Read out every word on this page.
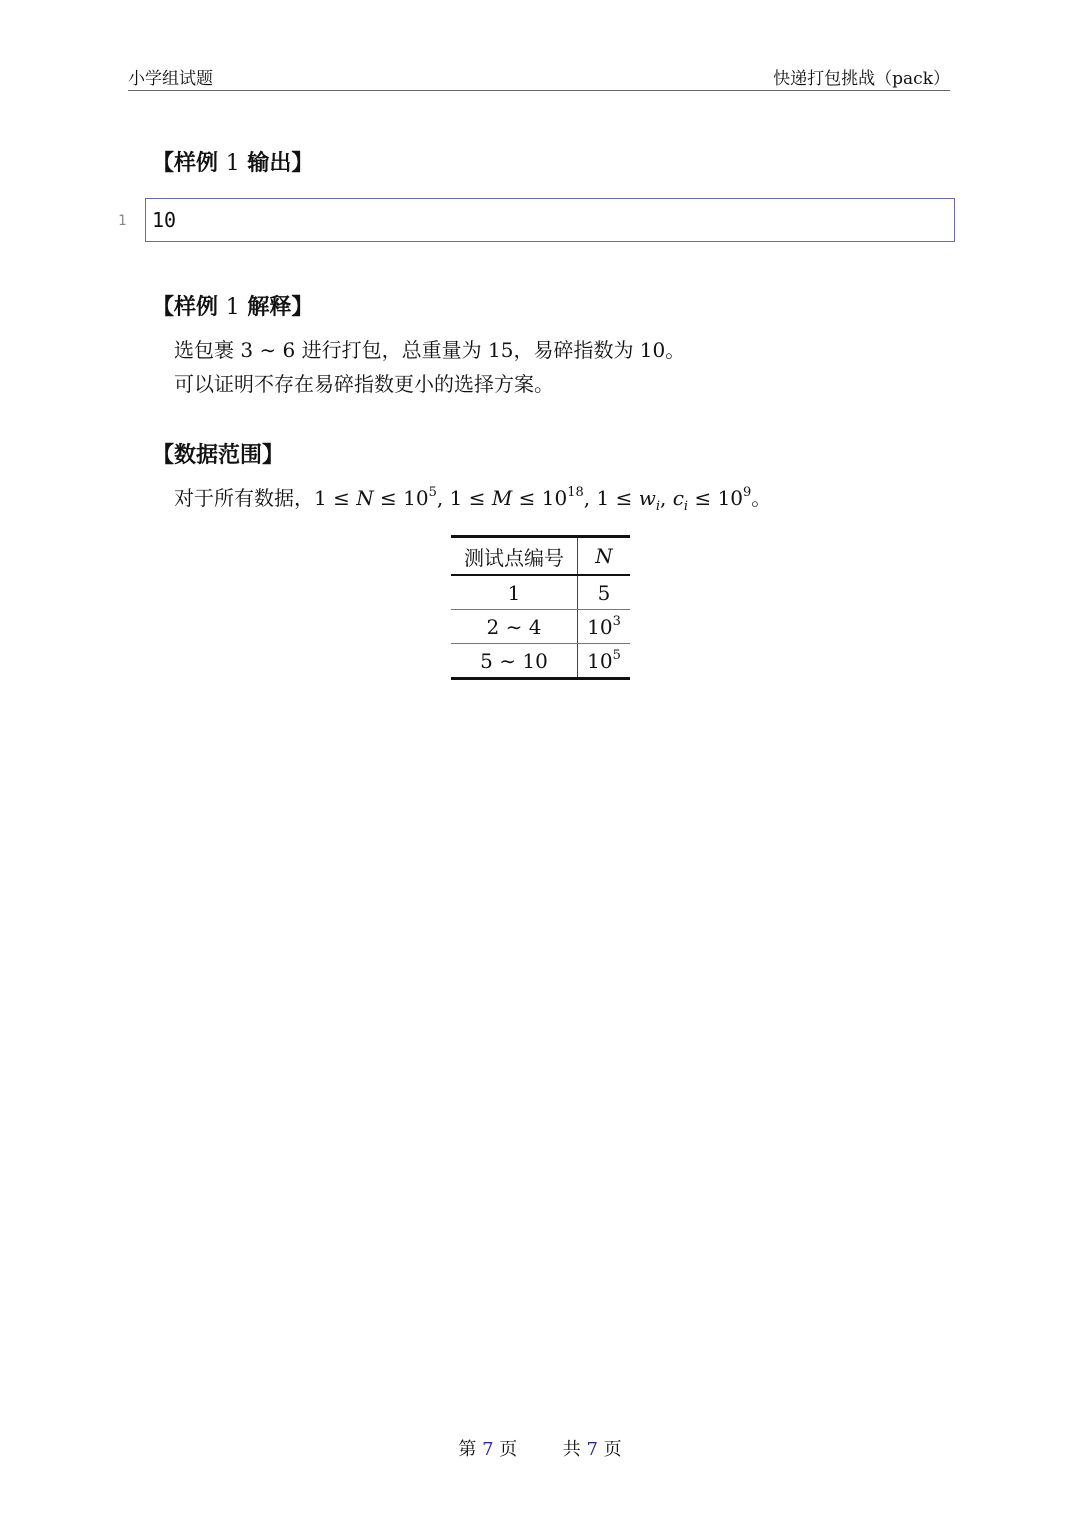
小学组试题	快递打包挑战（pack）
【样例 1 输出】
1 10
【样例 1 解释】
选包裹 3 ∼ 6 进行打包，总重量为 15，易碎指数为 10。
可以证明不存在易碎指数更小的选择方案。
【数据范围】
对于所有数据，$1 \le N \le 10^5$, $1 \le M \le 10^{18}$, $1 \le w_i$, $c_i \le 10^9$。
测试点编号	N
1	5
2 ∼ 4	$10^3$
5 ∼ 10	$10^5$
第 7 页	共 7 页
